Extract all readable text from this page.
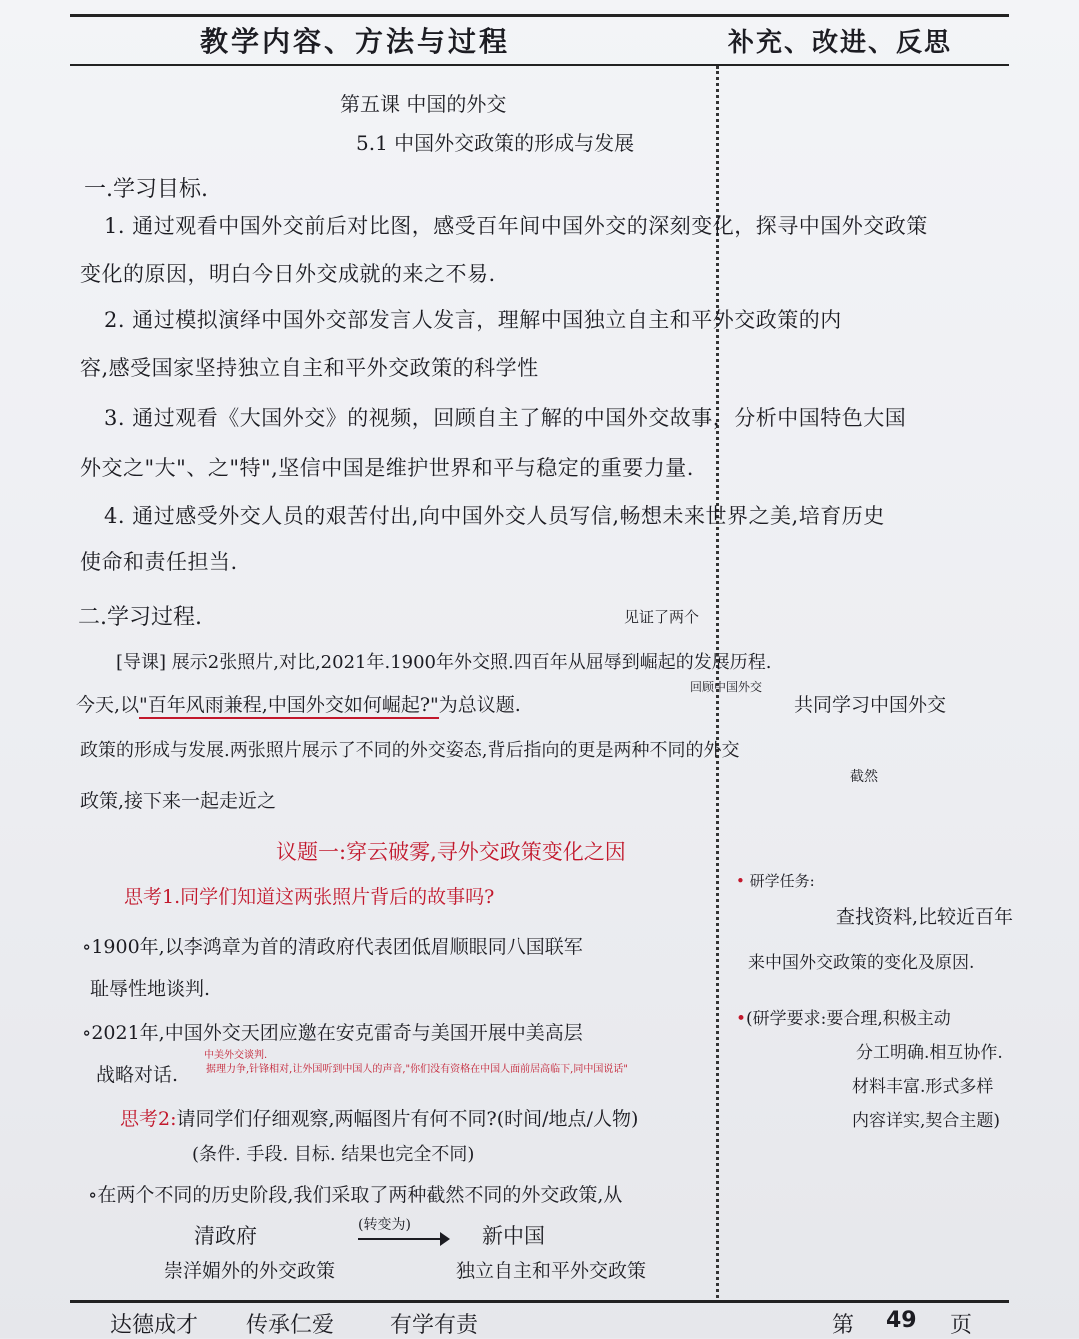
教学内容、方法与过程	补充、改进、反思
第五课 中国的外交
5.1 中国外交政策的形成与发展
一.学习目标.
1. 通过观看中国外交前后对比图，感受百年间中国外交的深刻变化，探寻中国外交政策
变化的原因，明白今日外交成就的来之不易.
2. 通过模拟演绎中国外交部发言人发言，理解中国独立自主和平外交政策的内
容,感受国家坚持独立自主和平外交政策的科学性
3. 通过观看《大国外交》的视频，回顾自主了解的中国外交故事，分析中国特色大国
外交之"大"、之"特",坚信中国是维护世界和平与稳定的重要力量.
4. 通过感受外交人员的艰苦付出,向中国外交人员写信,畅想未来世界之美,培育历史
使命和责任担当.
二.学习过程.	见证了两个
[导课] 展示2张照片,对比,2021年.1900年外交照.四百年从屈辱到崛起的发展历程.
今天,以"百年风雨兼程,中国外交如何崛起?"为总议题.
回顾中国外交
共同学习中国外交
政策的形成与发展.两张照片展示了不同的外交姿态,背后指向的更是两种不同的外交
截然
政策,接下来一起走近之
议题一:穿云破雾,寻外交政策变化之因
思考1.同学们知道这两张照片背后的故事吗?
∘1900年,以李鸿章为首的清政府代表团低眉顺眼同八国联军
耻辱性地谈判.
∘2021年,中国外交天团应邀在安克雷奇与美国开展中美高层
中美外交谈判.
战略对话.	据理力争,针锋相对,让外国听到中国人的声音,"你们没有资格在中国人面前居高临下,同中国说话"
思考2:请同学们仔细观察,两幅图片有何不同?(时间/地点/人物)
(条件. 手段. 目标. 结果也完全不同)
∘在两个不同的历史阶段,我们采取了两种截然不同的外交政策,从
清政府	(转变为)	新中国
崇洋媚外的外交政策	独立自主和平外交政策
• 研学任务:
查找资料,比较近百年
来中国外交政策的变化及原因.
•(研学要求:要合理,积极主动
分工明确.相互协作.
材料丰富.形式多样
内容详实,契合主题)
达德成才 传承仁爱	有学有责	第 49 页
